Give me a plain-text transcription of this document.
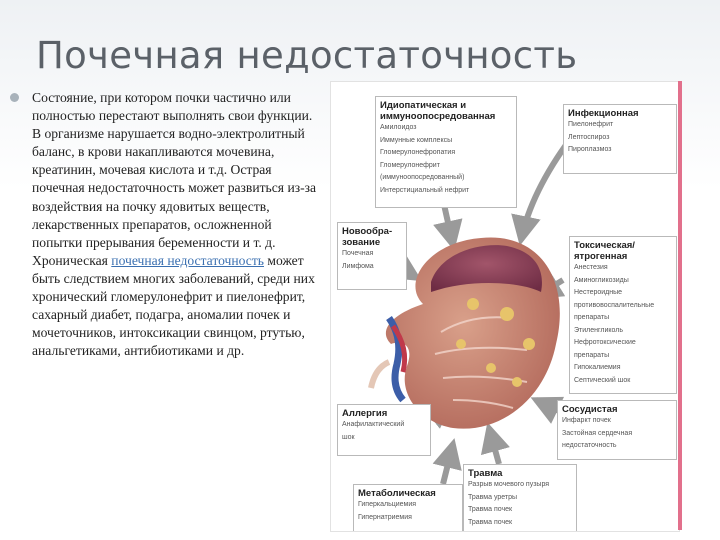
Почечная недостаточность
Состояние, при котором почки частично или полностью перестают выполнять свои функции. В организме нарушается водно-электролитный баланс, в крови накапливаются мочевина, креатинин, мочевая кислота и т.д. Острая почечная недостаточность может развиться из-за воздействия на почку ядовитых веществ, лекарственных препаратов, осложненной попытки прерывания беременности и т. д. Хроническая почечная недостаточность может быть следствием многих заболеваний, среди них хронический гломерулонефрит и пиелонефрит, сахарный диабет, подагра, аномалии почек и мочеточников, интоксикации свинцом, ртутью, анальгетиками, антибиотиками и др.
Идиопатическая и
иммуноопосредованная
Амилоидоз
Иммунные комплексы
Гломерулонефропатия
Гломерулонефрит
(иммуноопосредованный)
Интерстициальный нефрит
Инфекционная
Пиелонефрит
Лептоспироз
Пироплазмоз
Новообра-
зование
Почечная
Лимфома
Токсическая/
ятрогенная
Анестезия
Аминогликозиды
Нестероидные
противовоспалительные
препараты
Этиленгликоль
Нефротоксические
препараты
Гипокалиемия
Септический шок
Сосудистая
Инфаркт почек
Застойная сердечная
недостаточность
Аллергия
Анафилактический
шок
Травма
Разрыв мочевого пузыря
Травма уретры
Травма почек
Травма почек
Метаболическая
Гиперкальциемия
Гипернатриемия
